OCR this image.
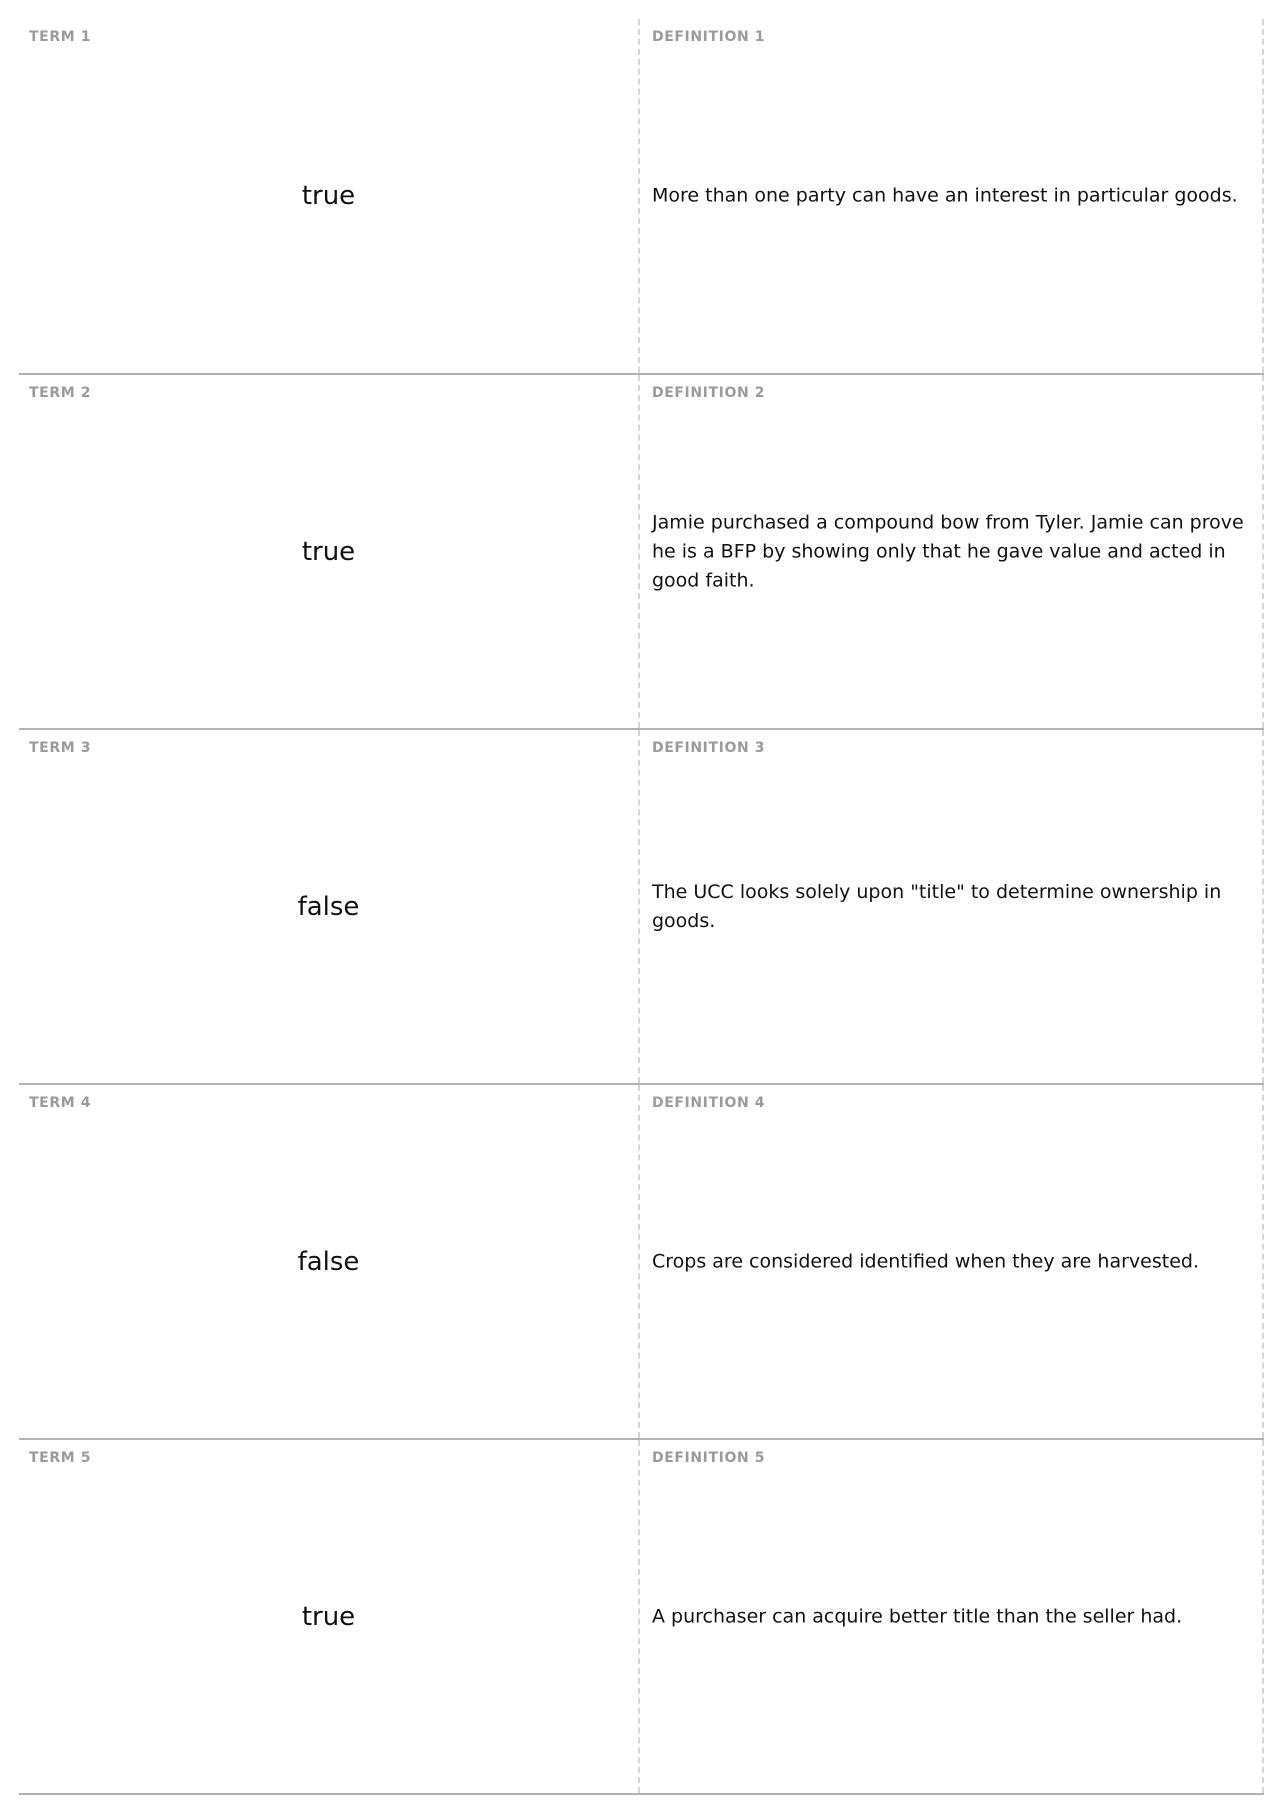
TERM 1
true
DEFINITION 1
More than one party can have an interest in particular goods.
TERM 2
true
DEFINITION 2
Jamie purchased a compound bow from Tyler. Jamie can prove he is a BFP by showing only that he gave value and acted in good faith.
TERM 3
false
DEFINITION 3
The UCC looks solely upon "title" to determine ownership in goods.
TERM 4
false
DEFINITION 4
Crops are considered identified when they are harvested.
TERM 5
true
DEFINITION 5
A purchaser can acquire better title than the seller had.
